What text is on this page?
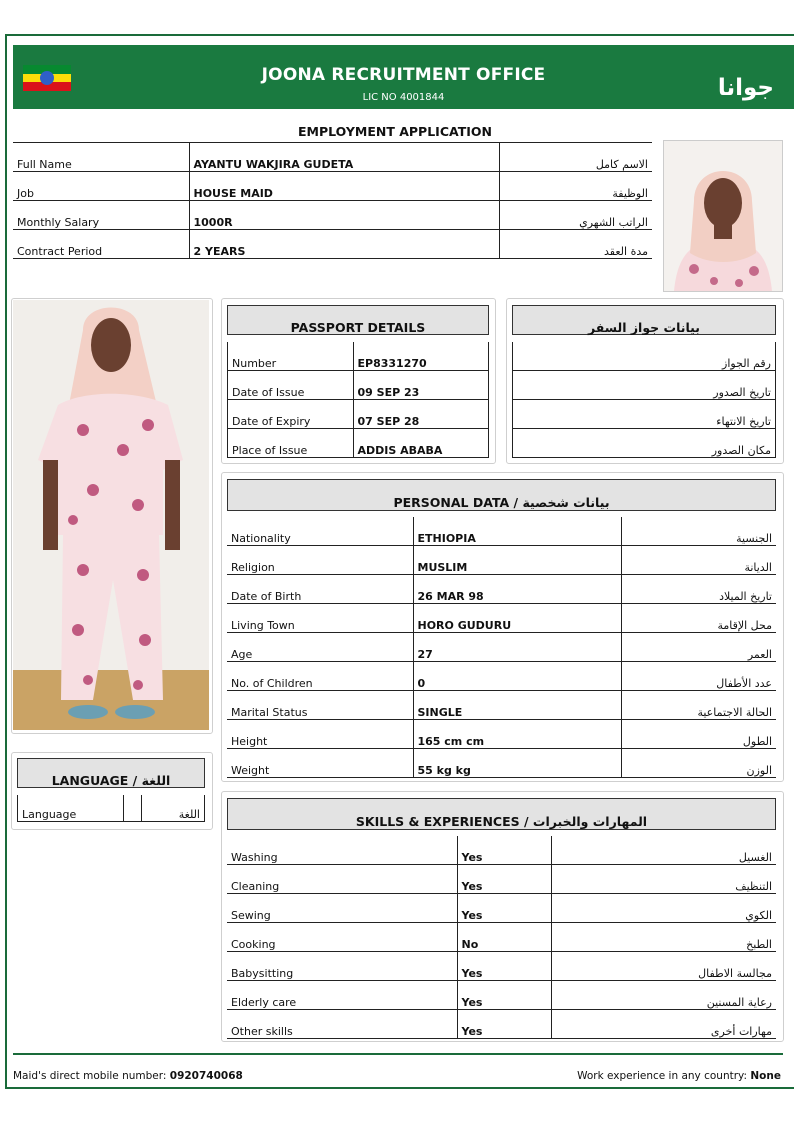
JOONA RECRUITMENT OFFICE
LIC NO 4001844	جوانا
EMPLOYMENT APPLICATION
Full Name	AYANTU WAKJIRA GUDETA	الاسم كامل
Job	HOUSE MAID	الوظيفة
Monthly Salary	1000R	الراتب الشهري
Contract Period	2 YEARS	مدة العقد
PASSPORT DETAILS
Number	EP8331270
Date of Issue	09 SEP 23
Date of Expiry	07 SEP 28
Place of Issue	ADDIS ABABA
بيانات جواز السفر
رقم الجواز
تاريخ الصدور
تاريخ الانتهاء
مكان الصدور
PERSONAL DATA / بيانات شخصية
Nationality	ETHIOPIA	الجنسية
Religion	MUSLIM	الديانة
Date of Birth	26 MAR 98	تاريخ الميلاد
Living Town	HORO GUDURU	محل الإقامة
Age	27	العمر
No. of Children	0	عدد الأطفال
Marital Status	SINGLE	الحالة الاجتماعية
Height	165 cm cm	الطول
Weight	55 kg kg	الوزن
LANGUAGE / اللغة
Language		اللغة	SKILLS & EXPERIENCES / المهارات والخبرات
Washing	Yes	الغسيل
Cleaning	Yes	التنظيف
Sewing	Yes	الكوي
Cooking	No	الطبخ
Babysitting	Yes	مجالسة الاطفال
Elderly care	Yes	رعاية المسنين
Other skills	Yes	مهارات أخرى
Maid's direct mobile number: 0920740068	Work experience in any country: None
